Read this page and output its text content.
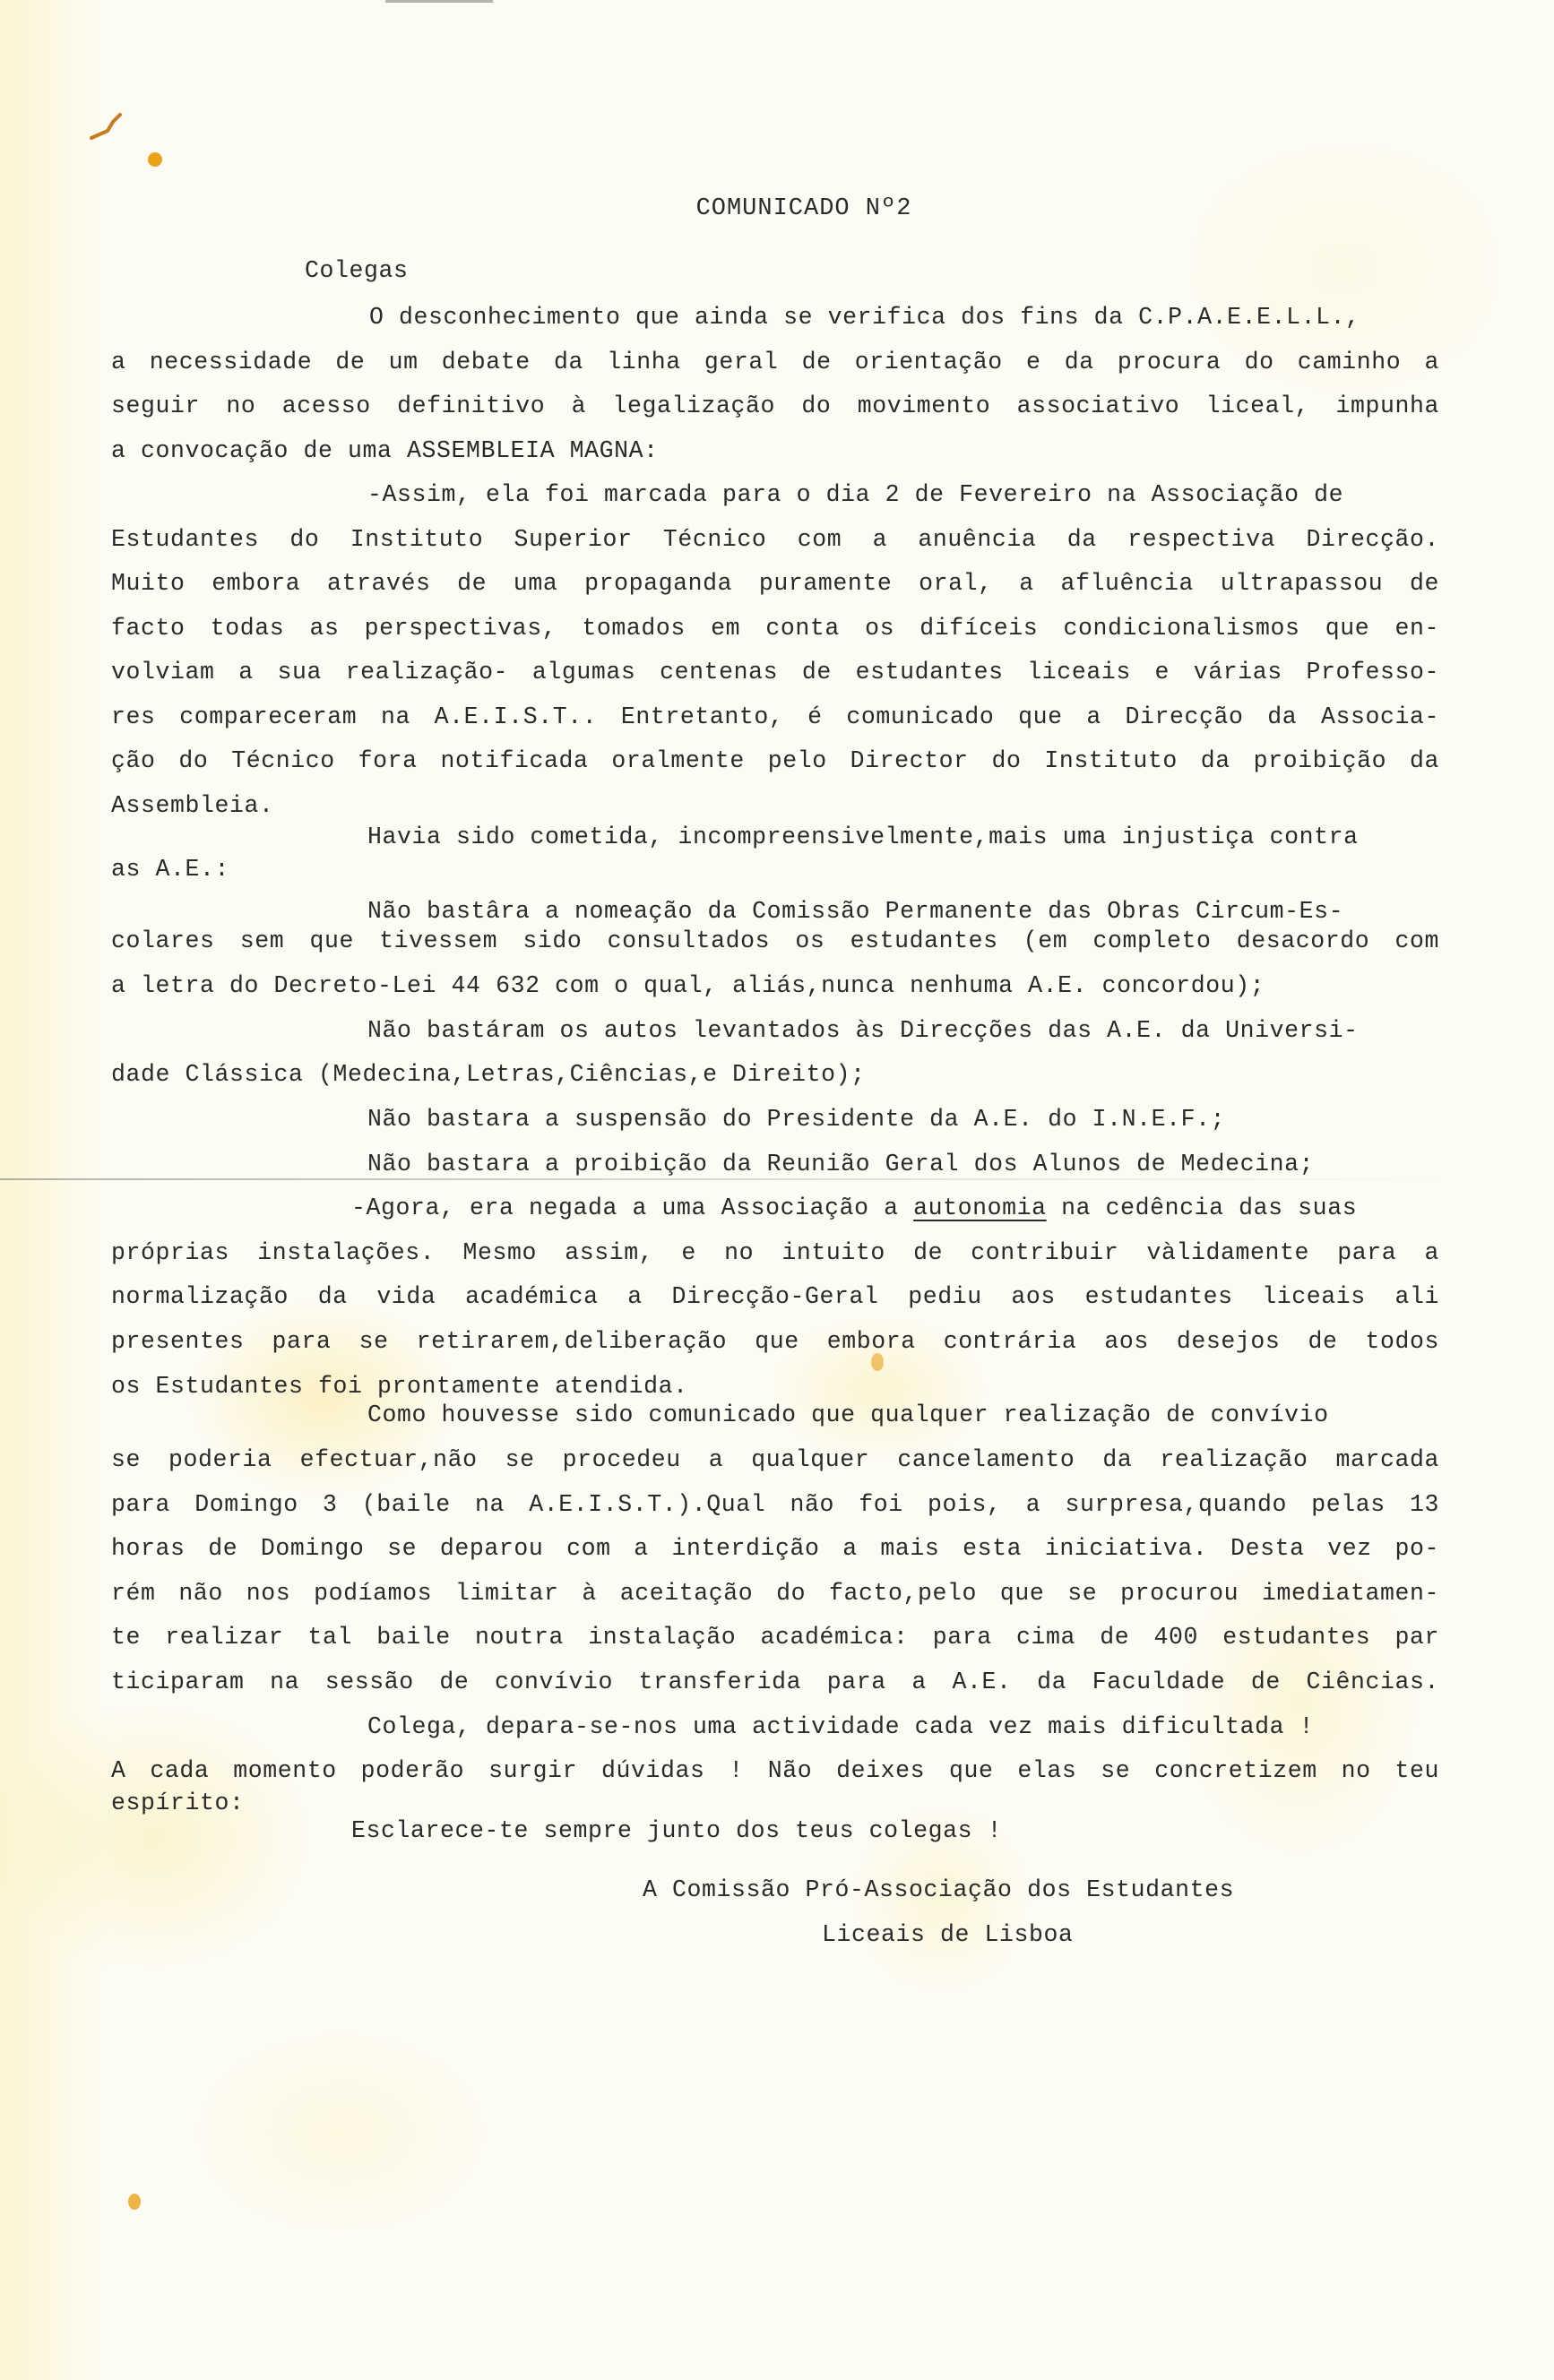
COMUNICADO Nº2
Colegas
O desconhecimento que ainda se verifica dos fins da C.P.A.E.E.L.L.,
a necessidade de um debate da linha geral de orientação e da procura do caminho a
seguir no acesso definitivo à legalização do movimento associativo liceal, impunha
a convocação de uma ASSEMBLEIA MAGNA:
-Assim, ela foi marcada para o dia 2 de Fevereiro na Associação de
Estudantes do Instituto Superior Técnico com a anuência da respectiva Direcção.
Muito embora através de uma propaganda puramente oral, a afluência ultrapassou de
facto todas as perspectivas, tomados em conta os difíceis condicionalismos que en-
volviam a sua realização- algumas centenas de estudantes liceais e várias Professo-
res compareceram na A.E.I.S.T.. Entretanto, é comunicado que a Direcção da Associa-
ção do Técnico fora notificada oralmente pelo Director do Instituto da proibição da
Assembleia.
Havia sido cometida, incompreensivelmente,mais uma injustiça contra
as A.E.:
Não bastâra a nomeação da Comissão Permanente das Obras Circum-Es-
colares sem que tivessem sido consultados os estudantes (em completo desacordo com
a letra do Decreto-Lei 44 632 com o qual, aliás,nunca nenhuma A.E. concordou);
Não bastáram os autos levantados às Direcções das A.E. da Universi-
dade Clássica (Medecina,Letras,Ciências,e Direito);
Não bastara a suspensão do Presidente da A.E. do I.N.E.F.;
Não bastara a proibição da Reunião Geral dos Alunos de Medecina;
-Agora, era negada a uma Associação a autonomia na cedência das suas
próprias instalações. Mesmo assim, e no intuito de contribuir vàlidamente para a
normalização da vida académica a Direcção-Geral pediu aos estudantes liceais ali
presentes para se retirarem,deliberação que embora contrária aos desejos de todos
os Estudantes foi prontamente atendida.
Como houvesse sido comunicado que qualquer realização de convívio
se poderia efectuar,não se procedeu a qualquer cancelamento da realização marcada
para Domingo 3 (baile na A.E.I.S.T.).Qual não foi pois, a surpresa,quando pelas 13
horas de Domingo se deparou com a interdição a mais esta iniciativa. Desta vez po-
rém não nos podíamos limitar à aceitação do facto,pelo que se procurou imediatamen-
te realizar tal baile noutra instalação académica: para cima de 400 estudantes par
ticiparam na sessão de convívio transferida para a A.E. da Faculdade de Ciências.
Colega, depara-se-nos uma actividade cada vez mais dificultada !
A cada momento poderão surgir dúvidas ! Não deixes que elas se concretizem no teu
espírito:
Esclarece-te sempre junto dos teus colegas !
A Comissão Pró-Associação dos Estudantes
Liceais de Lisboa
